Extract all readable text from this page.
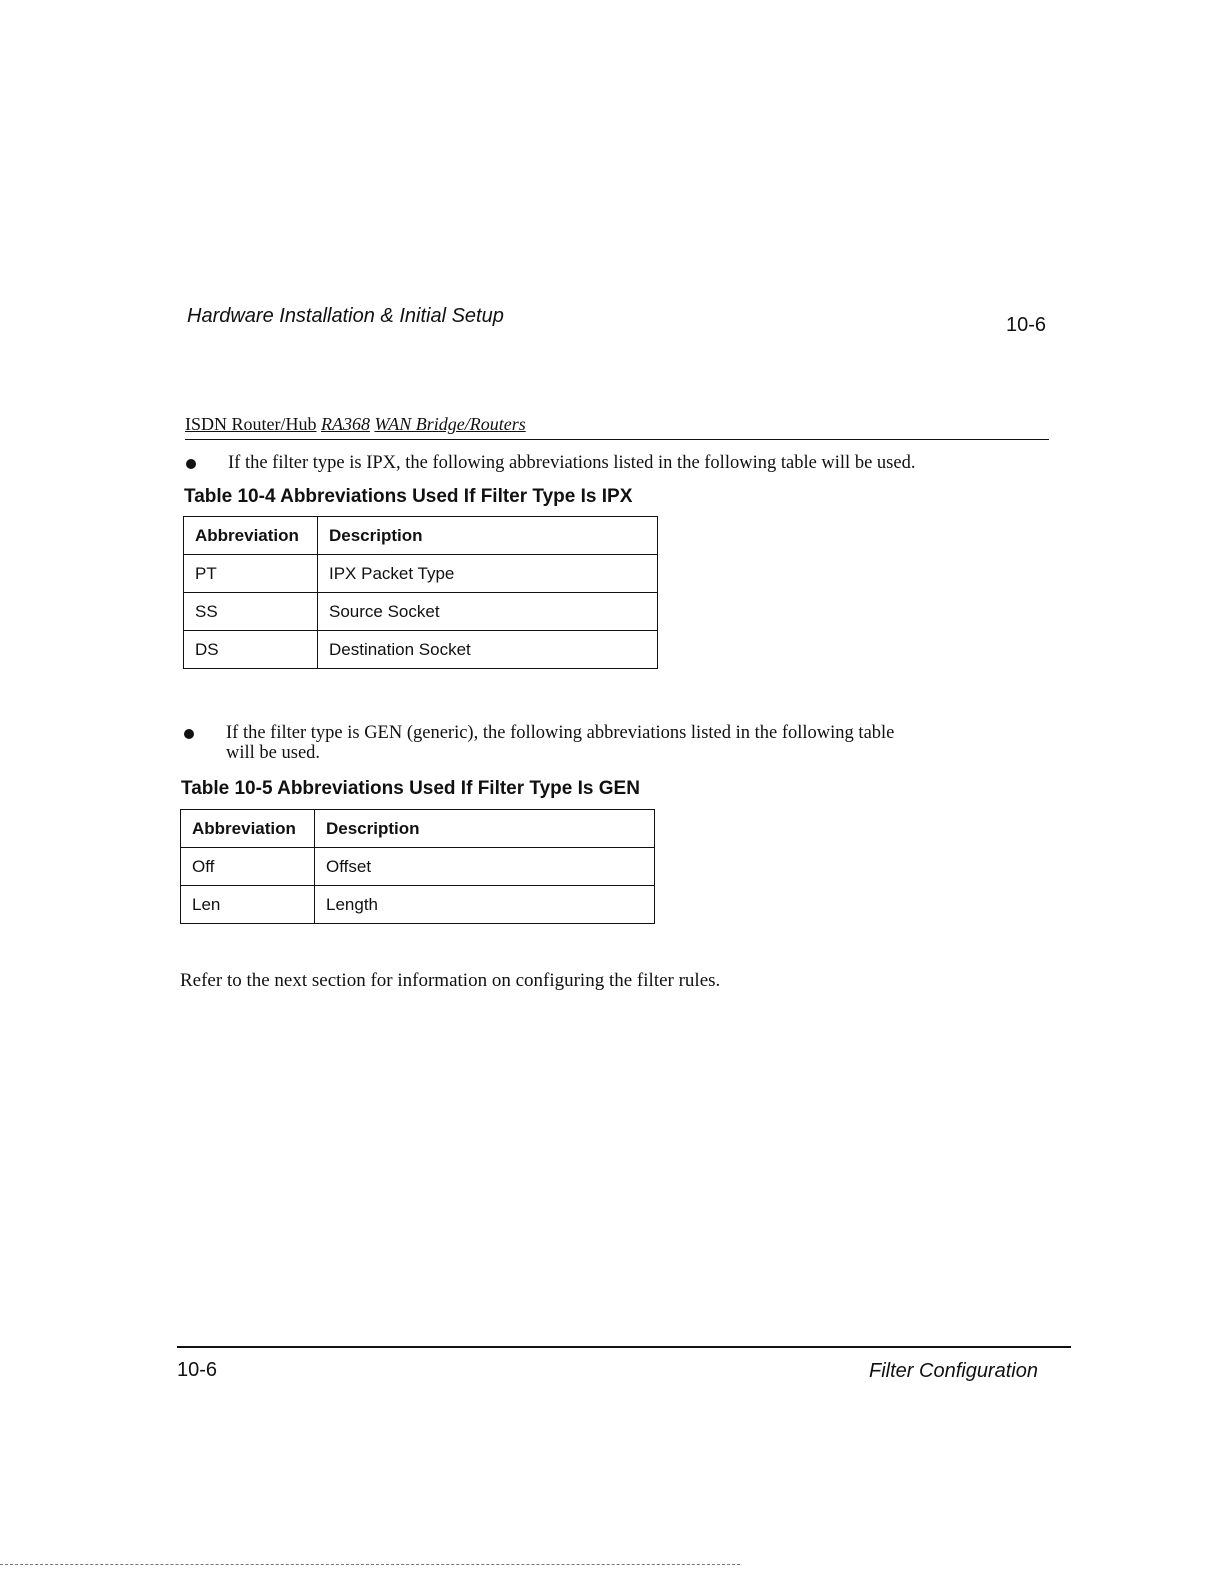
Hardware Installation & Initial Setup	10-6
ISDN Router/Hub RA368 WAN Bridge/Routers
If the filter type is IPX, the following abbreviations listed in the following table will be used.
Table 10-4 Abbreviations Used If Filter Type Is IPX
Abbreviation	Description
PT	IPX Packet Type
SS	Source Socket
DS	Destination Socket
If the filter type is GEN (generic), the following abbreviations listed in the following table
will be used.
Table 10-5 Abbreviations Used If Filter Type Is GEN
Abbreviation	Description
Off	Offset
Len	Length
Refer to the next section for information on configuring the filter rules.
10-6	Filter Configuration
